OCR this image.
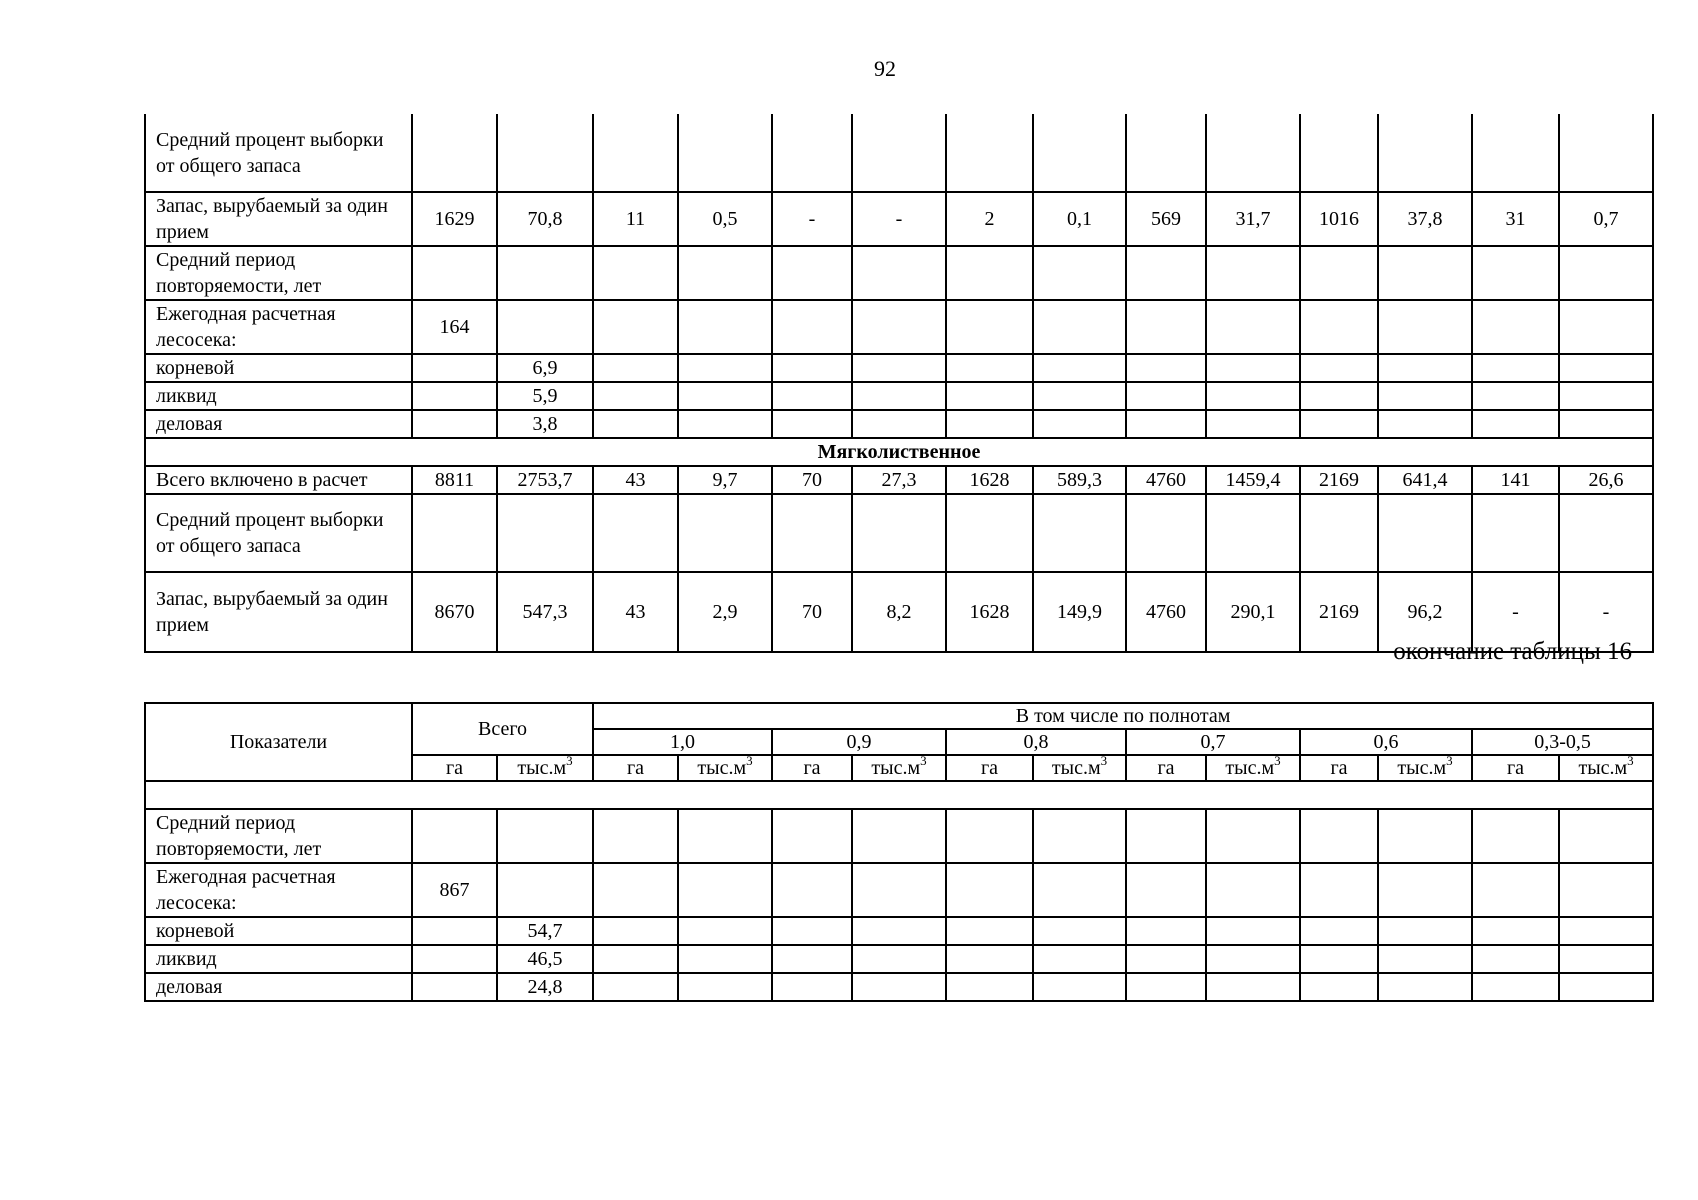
92
Средний процент выборки от общего запаса														
Запас, вырубаемый за один прием	1629	70,8	11	0,5	-	-	2	0,1	569	31,7	1016	37,8	31	0,7
Средний период повторяемости, лет														
Ежегодная расчетная лесосека:	164													
корневой		6,9												
ликвид		5,9												
деловая		3,8												
Мягколиственное														
Всего включено в расчет	8811	2753,7	43	9,7	70	27,3	1628	589,3	4760	1459,4	2169	641,4	141	26,6
Средний процент выборки от общего запаса														
Запас, вырубаемый за один прием	8670	547,3	43	2,9	70	8,2	1628	149,9	4760	290,1	2169	96,2	-	-
окончание таблицы 16
Показатели	Всего		В том числе по полнотам											
			1,0		0,9		0,8		0,7		0,6		0,3-0,5	
	га	$тыс.м^3$	га	$тыс.м^3$	га	$тыс.м^3$	га	$тыс.м^3$	га	$тыс.м^3$	га	$тыс.м^3$	га	$тыс.м^3$

Средний период повторяемости, лет														
Ежегодная расчетная лесосека:	867													
корневой		54,7												
ликвид		46,5												
деловая		24,8												
